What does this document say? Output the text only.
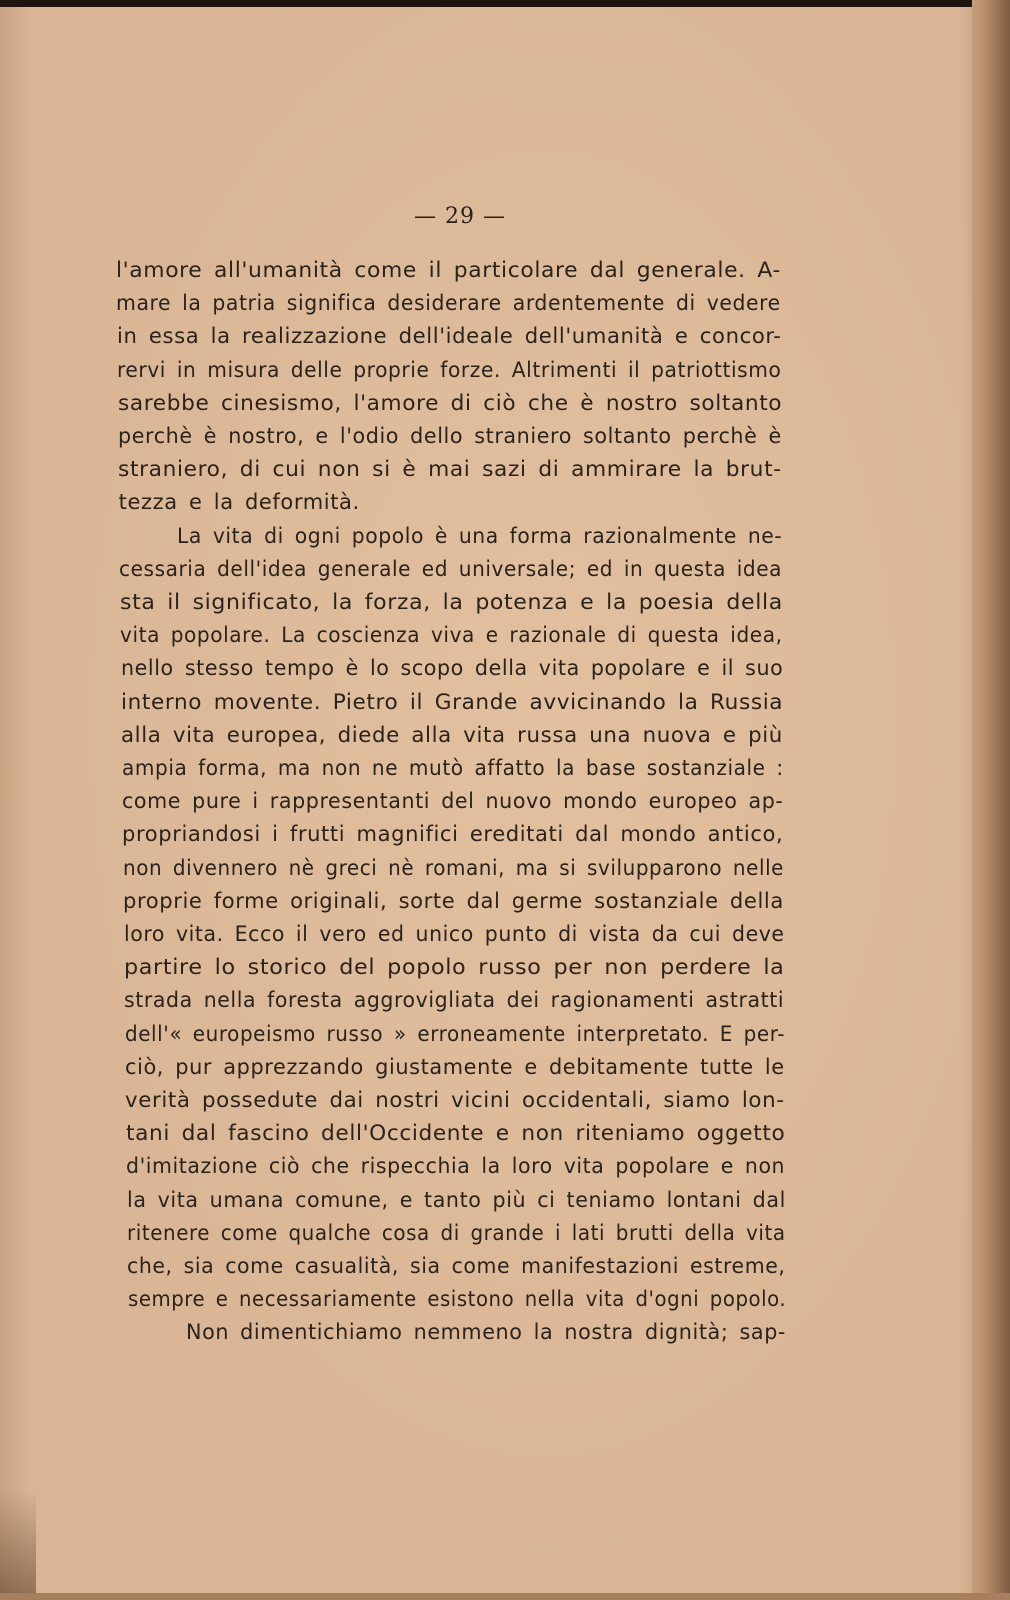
— 29 —
l'amore all'umanità come il particolare dal generale. A-
mare la patria significa desiderare ardentemente di vedere
in essa la realizzazione dell'ideale dell'umanità e concor-
rervi in misura delle proprie forze. Altrimenti il patriottismo
sarebbe cinesismo, l'amore di ciò che è nostro soltanto
perchè è nostro, e l'odio dello straniero soltanto perchè è
straniero, di cui non si è mai sazi di ammirare la brut-
tezza e la deformità.
La vita di ogni popolo è una forma razionalmente ne-
cessaria dell'idea generale ed universale; ed in questa idea
sta il significato, la forza, la potenza e la poesia della
vita popolare. La coscienza viva e razionale di questa idea,
nello stesso tempo è lo scopo della vita popolare e il suo
interno movente. Pietro il Grande avvicinando la Russia
alla vita europea, diede alla vita russa una nuova e più
ampia forma, ma non ne mutò affatto la base sostanziale :
come pure i rappresentanti del nuovo mondo europeo ap-
propriandosi i frutti magnifici ereditati dal mondo antico,
non divennero nè greci nè romani, ma si svilupparono nelle
proprie forme originali, sorte dal germe sostanziale della
loro vita. Ecco il vero ed unico punto di vista da cui deve
partire lo storico del popolo russo per non perdere la
strada nella foresta aggrovigliata dei ragionamenti astratti
dell'« europeismo russo » erroneamente interpretato. E per-
ciò, pur apprezzando giustamente e debitamente tutte le
verità possedute dai nostri vicini occidentali, siamo lon-
tani dal fascino dell'Occidente e non riteniamo oggetto
d'imitazione ciò che rispecchia la loro vita popolare e non
la vita umana comune, e tanto più ci teniamo lontani dal
ritenere come qualche cosa di grande i lati brutti della vita
che, sia come casualità, sia come manifestazioni estreme,
sempre e necessariamente esistono nella vita d'ogni popolo.
Non dimentichiamo nemmeno la nostra dignità; sap-
